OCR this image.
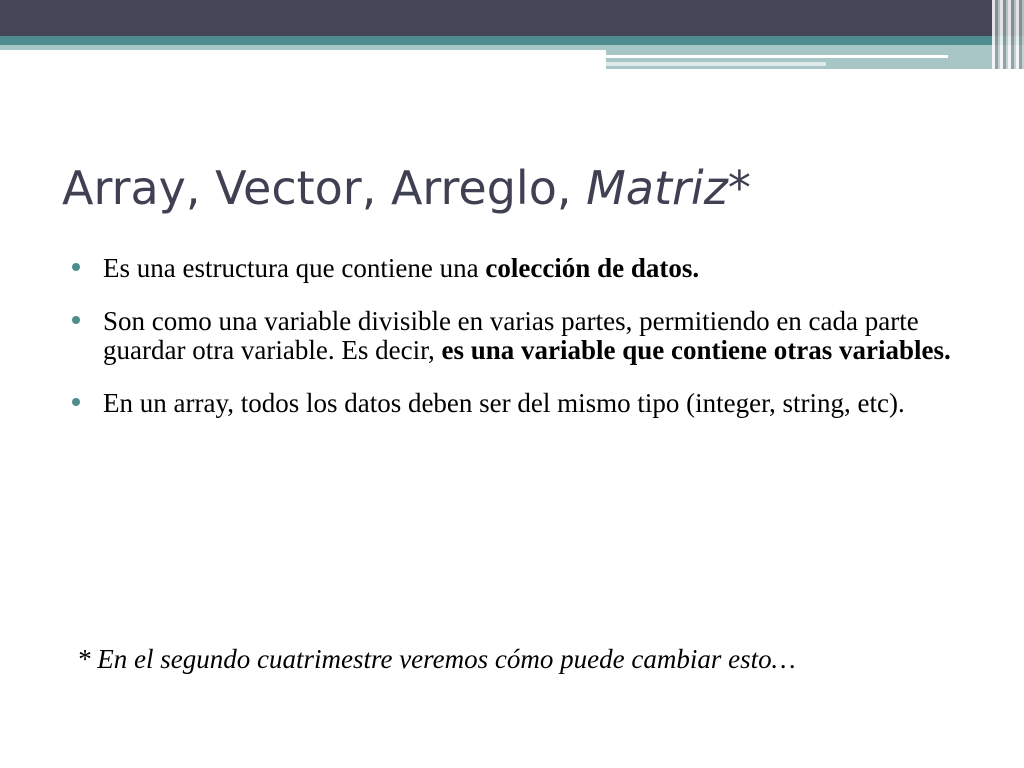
Array, Vector, Arreglo, Matriz*
Es una estructura que contiene una colección de datos.
Son como una variable divisible en varias partes, permitiendo en cada parte guardar otra variable. Es decir, es una variable que contiene otras variables.
En un array, todos los datos deben ser del mismo tipo (integer, string, etc).

* En el segundo cuatrimestre veremos cómo puede cambiar esto…
